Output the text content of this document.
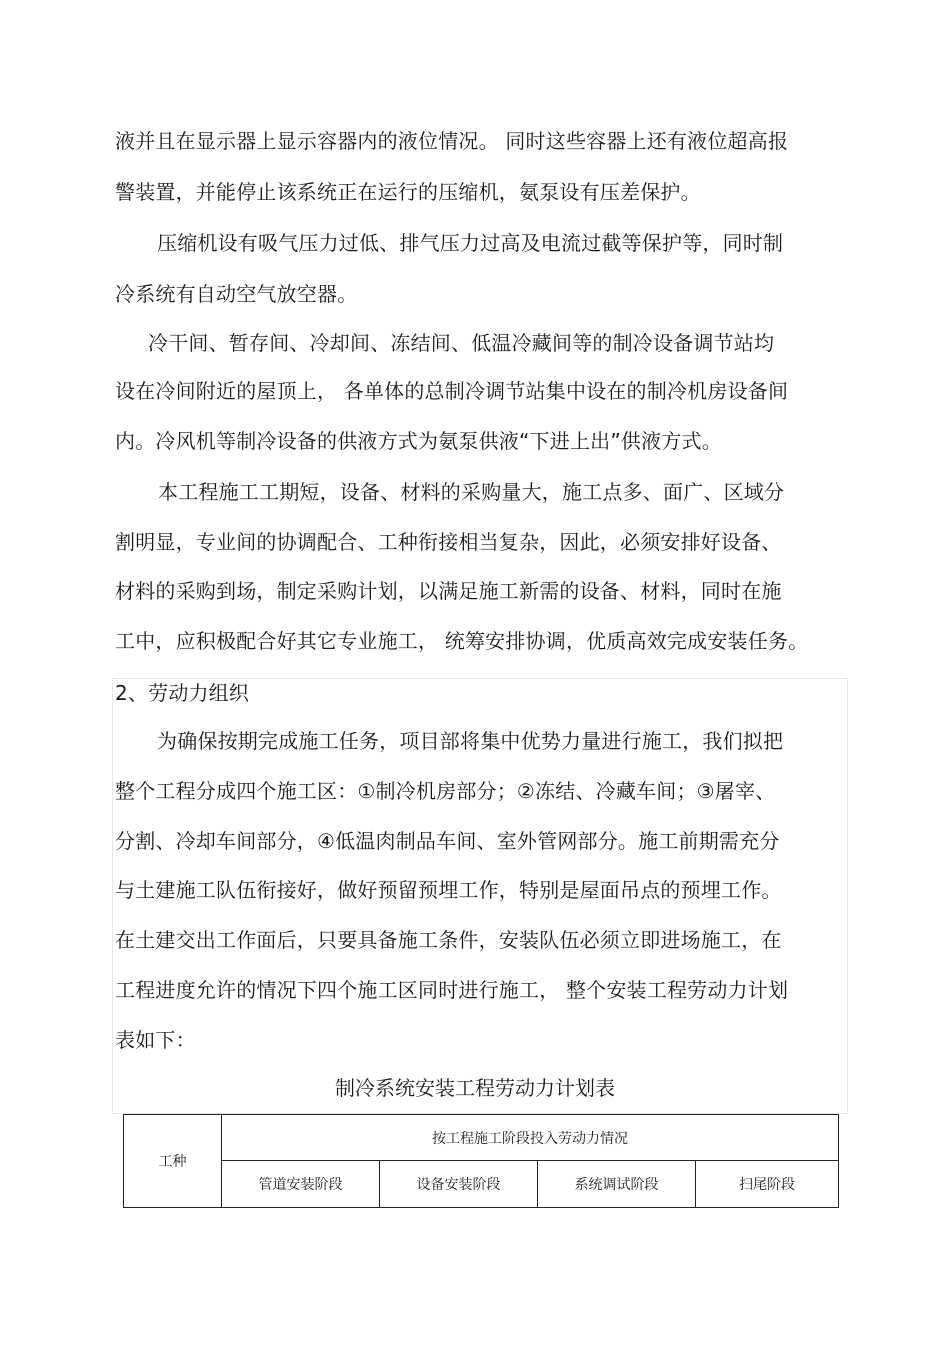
液并且在显示器上显示容器内的液位情况。 同时这些容器上还有液位超高报
警装置，并能停止该系统正在运行的压缩机，氨泵设有压差保护。
压缩机设有吸气压力过低、排气压力过高及电流过截等保护等，同时制
冷系统有自动空气放空器。
冷干间、暂存间、冷却间、冻结间、低温冷藏间等的制冷设备调节站均
设在冷间附近的屋顶上， 各单体的总制冷调节站集中设在的制冷机房设备间
内。冷风机等制冷设备的供液方式为氨泵供液“下进上出”供液方式。
本工程施工工期短，设备、材料的采购量大，施工点多、面广、区域分
割明显，专业间的协调配合、工种衔接相当复杂，因此，必须安排好设备、
材料的采购到场，制定采购计划，以满足施工新需的设备、材料，同时在施
工中，应积极配合好其它专业施工， 统筹安排协调，优质高效完成安装任务。
2、劳动力组织
为确保按期完成施工任务，项目部将集中优势力量进行施工，我们拟把
整个工程分成四个施工区：①制冷机房部分；②冻结、冷藏车间；③屠宰、
分割、冷却车间部分，④低温肉制品车间、室外管网部分。施工前期需充分
与土建施工队伍衔接好，做好预留预埋工作，特别是屋面吊点的预埋工作。
在土建交出工作面后，只要具备施工条件，安装队伍必须立即进场施工，在
工程进度允许的情况下四个施工区同时进行施工， 整个安装工程劳动力计划
表如下：
制冷系统安装工程劳动力计划表
工种	按工程施工阶段投入劳动力情况			
	管道安装阶段	设备安装阶段	系统调试阶段	扫尾阶段
